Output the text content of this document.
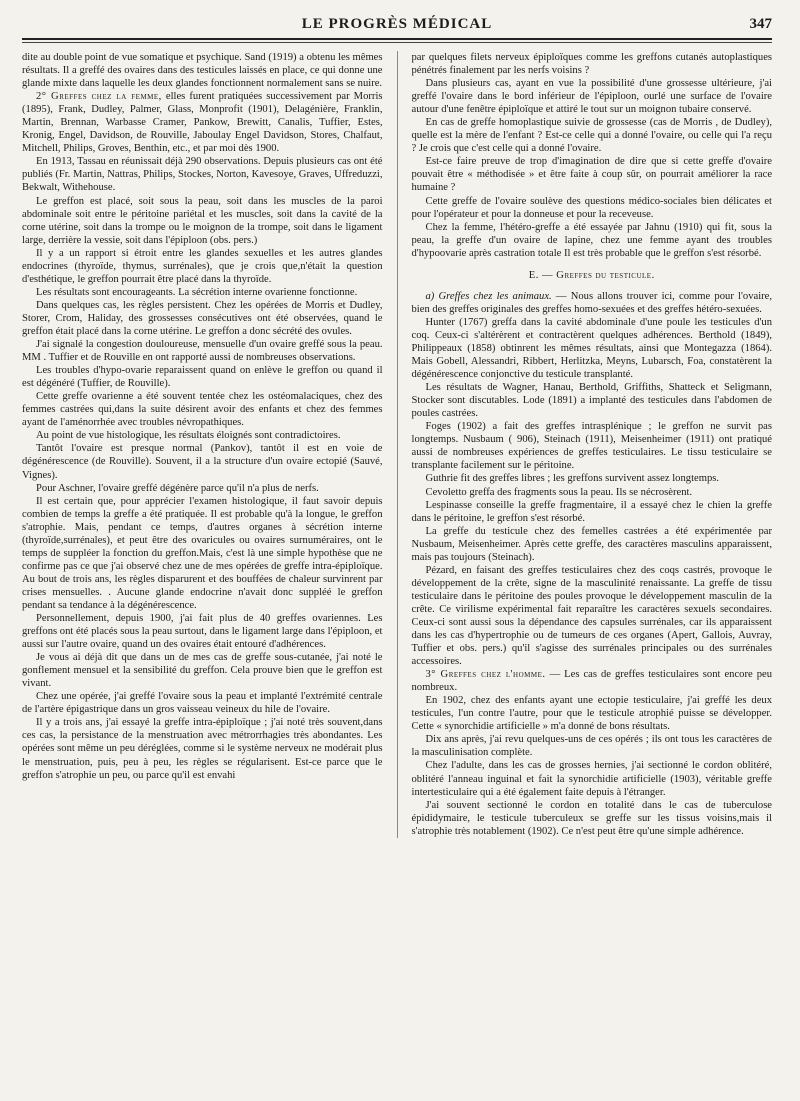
LE PROGRÈS MÉDICAL	347

dite au double point de vue somatique et psychique. Sand (1919) a obtenu les mêmes résultats. Il a greffé des ovaires dans des testicules laissés en place, ce qui donne une glande mixte dans laquelle les deux glandes fonctionnent normalement sans se nuire.

2° Greffes chez la femme, elles furent pratiquées successivement par Morris (1895), Frank, Dudley, Palmer, Glass, Monprofit (1901), Delagénière, Franklin, Martin, Brennan, Warbasse Cramer, Pankow, Brewitt, Canalis, Tuffier, Estes, Kronig, Engel, Davidson, de Rouville, Jaboulay Engel Davidson, Stores, Chalfaut, Mitchell, Philips, Groves, Benthin, etc., et par moi dès 1900.

En 1913, Tassau en réunissait déjà 290 observations. Depuis plusieurs cas ont été publiés (Fr. Martin, Nattras, Philips, Stockes, Norton, Kavesoye, Graves, Uffreduzzi, Bekwalt, Withehouse.

Le greffon est placé, soit sous la peau, soit dans les muscles de la paroi abdominale soit entre le péritoine pariétal et les muscles, soit dans la cavité de la corne utérine, soit dans la trompe ou le moignon de la trompe, soit dans le ligament large, derrière la vessie, soit dans l'épiploon (obs. pers.)

Il y a un rapport si étroit entre les glandes sexuelles et les autres glandes endocrines (thyroïde, thymus, surrénales), que je crois que,n'était la question d'esthétique, le greffon pourrait être placé dans la thyroïde.

Les résultats sont encourageants. La sécrétion interne ovarienne fonctionne.

Dans quelques cas, les règles persistent. Chez les opérées de Morris et Dudley, Storer, Crom, Haliday, des grossesses consécutives ont été observées, quand le greffon était placé dans la corne utérine. Le greffon a donc sécrété des ovules.

J'ai signalé la congestion douloureuse, mensuelle d'un ovaire greffé sous la peau. MM . Tuffier et de Rouville en ont rapporté aussi de nombreuses observations.

Les troubles d'hypo-ovarie reparaissent quand on enlève le greffon ou quand il est dégénéré (Tuffier, de Rouville).

Cette greffe ovarienne a été souvent tentée chez les ostéomalaciques, chez des femmes castrées qui,dans la suite désirent avoir des enfants et chez des femmes ayant de l'aménorrhée avec troubles névropathiques.

Au point de vue histologique, les résultats éloignés sont contradictoires.

Tantôt l'ovaire est presque normal (Pankov), tantôt il est en voie de dégénérescence (de Rouville). Souvent, il a la structure d'un ovaire ectopié (Sauvé, Vignes).

Pour Aschner, l'ovaire greffé dégénère parce qu'il n'a plus de nerfs.

Il est certain que, pour apprécier l'examen histologique, il faut savoir depuis combien de temps la greffe a été pratiquée. Il est probable qu'à la longue, le greffon s'atrophie. Mais, pendant ce temps, d'autres organes à sécrétion interne (thyroïde,surrénales), et peut être des ovaricules ou ovaires surnuméraires, ont le temps de suppléer la fonction du greffon.Mais, c'est là une simple hypothèse que ne confirme pas ce que j'ai observé chez une de mes opérées de greffe intra-épiploïque. Au bout de trois ans, les règles disparurent et des bouffées de chaleur survinrent par crises mensuelles. . Aucune glande endocrine n'avait donc suppléé le greffon pendant sa tendance à la dégénérescence.

Personnellement, depuis 1900, j'ai fait plus de 40 greffes ovariennes. Les greffons ont été placés sous la peau surtout, dans le ligament large dans l'épiploon, et aussi sur l'autre ovaire, quand un des ovaires était entouré d'adhérences.

Je vous ai déjà dit que dans un de mes cas de greffe sous-cutanée, j'ai noté le gonflement mensuel et la sensibilité du greffon. Cela prouve bien que le greffon est vivant.

Chez une opérée, j'ai greffé l'ovaire sous la peau et implanté l'extrémité centrale de l'artère épigastrique dans un gros vaisseau veineux du hile de l'ovaire.

Il y a trois ans, j'ai essayé la greffe intra-épiploïque ; j'ai noté très souvent,dans ces cas, la persistance de la menstruation avec métrorrhagies très abondantes. Les opérées sont même un peu déréglées, comme si le système nerveux ne modérait plus le menstruation, puis, peu à peu, les règles se régularisent. Est-ce parce que le greffon s'atrophie un peu, ou parce qu'il est envahi

par quelques filets nerveux épiploïques comme les greffons cutanés autoplastiques pénétrés finalement par les nerfs voisins ?

Dans plusieurs cas, ayant en vue la possibilité d'une grossesse ultérieure, j'ai greffé l'ovaire dans le bord inférieur de l'épiploon, ourlé une surface de l'ovaire autour d'une fenêtre épiploïque et attiré le tout sur un moignon tubaire conservé.

En cas de greffe homoplastique suivie de grossesse (cas de Morris , de Dudley), quelle est la mère de l'enfant ? Est-ce celle qui a donné l'ovaire, ou celle qui l'a reçu ? Je crois que c'est celle qui a donné l'ovaire.

Est-ce faire preuve de trop d'imagination de dire que si cette greffe d'ovaire pouvait être « méthodisée » et être faite à coup sûr, on pourrait améliorer la race humaine ?

Cette greffe de l'ovaire soulève des questions médico-sociales bien délicates et pour l'opérateur et pour la donneuse et pour la receveuse.

Chez la femme, l'hétéro-greffe a été essayée par Jahnu (1910) qui fit, sous la peau, la greffe d'un ovaire de lapine, chez une femme ayant des troubles d'hypoovarie après castration totale Il est très probable que le greffon s'est résorbé.

E. — Greffes du testicule.

a) Greffes chez les animaux. — Nous allons trouver ici, comme pour l'ovaire, bien des greffes originales des greffes homo-sexuées et des greffes hétéro-sexuées.

Hunter (1767) greffa dans la cavité abdominale d'une poule les testicules d'un coq. Ceux-ci s'altérèrent et contractèrent quelques adhérences. Berthold (1849), Philippeaux (1858) obtinrent les mêmes résultats, ainsi que Montegazza (1864). Mais Gobell, Alessandri, Ribbert, Herlitzka, Meyns, Lubarsch, Foa, constatèrent la dégénérescence conjonctive du testicule transplanté.

Les résultats de Wagner, Hanau, Berthold, Griffiths, Shatteck et Seligmann, Stocker sont discutables. Lode (1891) a implanté des testicules dans l'abdomen de poules castrées.

Foges (1902) a fait des greffes intrasplénique ; le greffon ne survit pas longtemps. Nusbaum ( 906), Steinach (1911), Meisenheimer (1911) ont pratiqué aussi de nombreuses expériences de greffes testiculaires. Le tissu testiculaire se transplante facilement sur le péritoine.

Guthrie fit des greffes libres ; les greffons survivent assez longtemps.

Cevoletto greffa des fragments sous la peau. Ils se nécrosèrent.

Lespinasse conseille la greffe fragmentaire, il a essayé chez le chien la greffe dans le péritoine, le greffon s'est résorbé.

La greffe du testicule chez des femelles castrées a été expérimentée par Nusbaum, Meisenheimer. Après cette greffe, des caractères masculins apparaissent, mais pas toujours (Steinach).

Pézard, en faisant des greffes testiculaires chez des coqs castrés, provoque le développement de la crête, signe de la masculinité renaissante. La greffe de tissu testiculaire dans le péritoine des poules provoque le développement masculin de la crête. Ce virilisme expérimental fait reparaître les caractères sexuels secondaires. Ceux-ci sont aussi sous la dépendance des capsules surrénales, car ils apparaissent dans les cas d'hypertrophie ou de tumeurs de ces organes (Apert, Gallois, Auvray, Tuffier et obs. pers.) qu'il s'agisse des surrénales principales ou des surrénales accessoires.

3° Greffes chez l'homme. — Les cas de greffes testiculaires sont encore peu nombreux.

En 1902, chez des enfants ayant une ectopie testiculaire, j'ai greffé les deux testicules, l'un contre l'autre, pour que le testicule atrophié puisse se développer. Cette « synorchidie artificielle » m'a donné de bons résultats.

Dix ans après, j'ai revu quelques-uns de ces opérés ; ils ont tous les caractères de la masculinisation complète.

Chez l'adulte, dans les cas de grosses hernies, j'ai sectionné le cordon oblitéré, oblitéré l'anneau inguinal et fait la synorchidie artificielle (1903), véritable greffe intertesticulaire qui a été également faite depuis à l'étranger.

J'ai souvent sectionné le cordon en totalité dans le cas de tuberculose épididymaire, le testicule tuberculeux se greffe sur les tissus voisins,mais il s'atrophie très notablement (1902). Ce n'est peut être qu'une simple adhérence.
